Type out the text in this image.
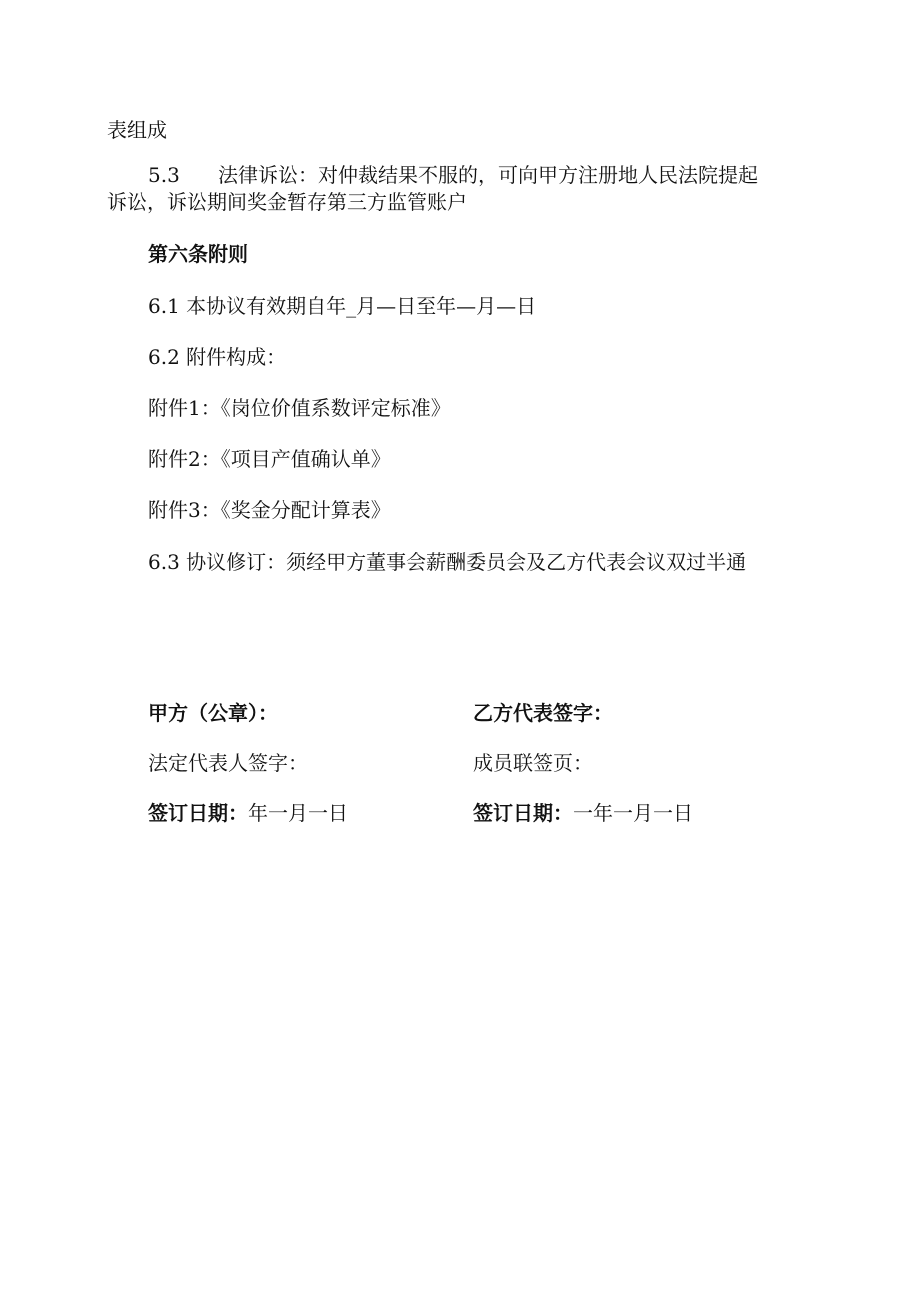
表组成
5.3 法律诉讼：对仲裁结果不服的，可向甲方注册地人民法院提起
诉讼，诉讼期间奖金暂存第三方监管账户
第六条附则
6.1 本协议有效期自年_月—日至年—月—日
6.2 附件构成：
附件1：《岗位价值系数评定标准》
附件2：《项目产值确认单》
附件3：《奖金分配计算表》
6.3 协议修订：须经甲方董事会薪酬委员会及乙方代表会议双过半通
甲方（公章）：	乙方代表签字：
法定代表人签字：	成员联签页：
签订日期：年一月一日	签订日期：一年一月一日
